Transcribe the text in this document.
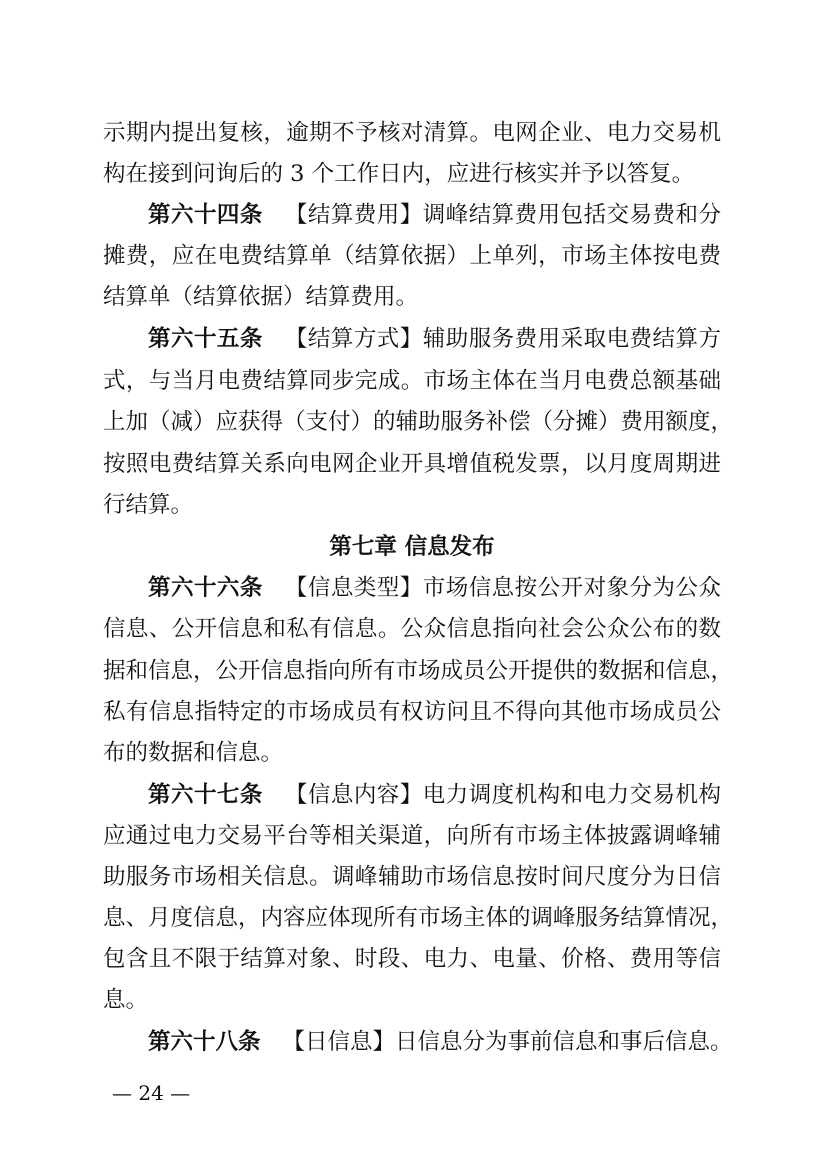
示期内提出复核，逾期不予核对清算。电网企业、电力交易机
构在接到问询后的 3 个工作日内，应进行核实并予以答复。
第六十四条 【结算费用】调峰结算费用包括交易费和分
摊费，应在电费结算单（结算依据）上单列，市场主体按电费
结算单（结算依据）结算费用。
第六十五条 【结算方式】辅助服务费用采取电费结算方
式，与当月电费结算同步完成。市场主体在当月电费总额基础
上加（减）应获得（支付）的辅助服务补偿（分摊）费用额度，
按照电费结算关系向电网企业开具增值税发票，以月度周期进
行结算。
第七章 信息发布
第六十六条 【信息类型】市场信息按公开对象分为公众
信息、公开信息和私有信息。公众信息指向社会公众公布的数
据和信息，公开信息指向所有市场成员公开提供的数据和信息，
私有信息指特定的市场成员有权访问且不得向其他市场成员公
布的数据和信息。
第六十七条 【信息内容】电力调度机构和电力交易机构
应通过电力交易平台等相关渠道，向所有市场主体披露调峰辅
助服务市场相关信息。调峰辅助市场信息按时间尺度分为日信
息、月度信息，内容应体现所有市场主体的调峰服务结算情况，
包含且不限于结算对象、时段、电力、电量、价格、费用等信
息。
第六十八条 【日信息】日信息分为事前信息和事后信息。
— 24 —
